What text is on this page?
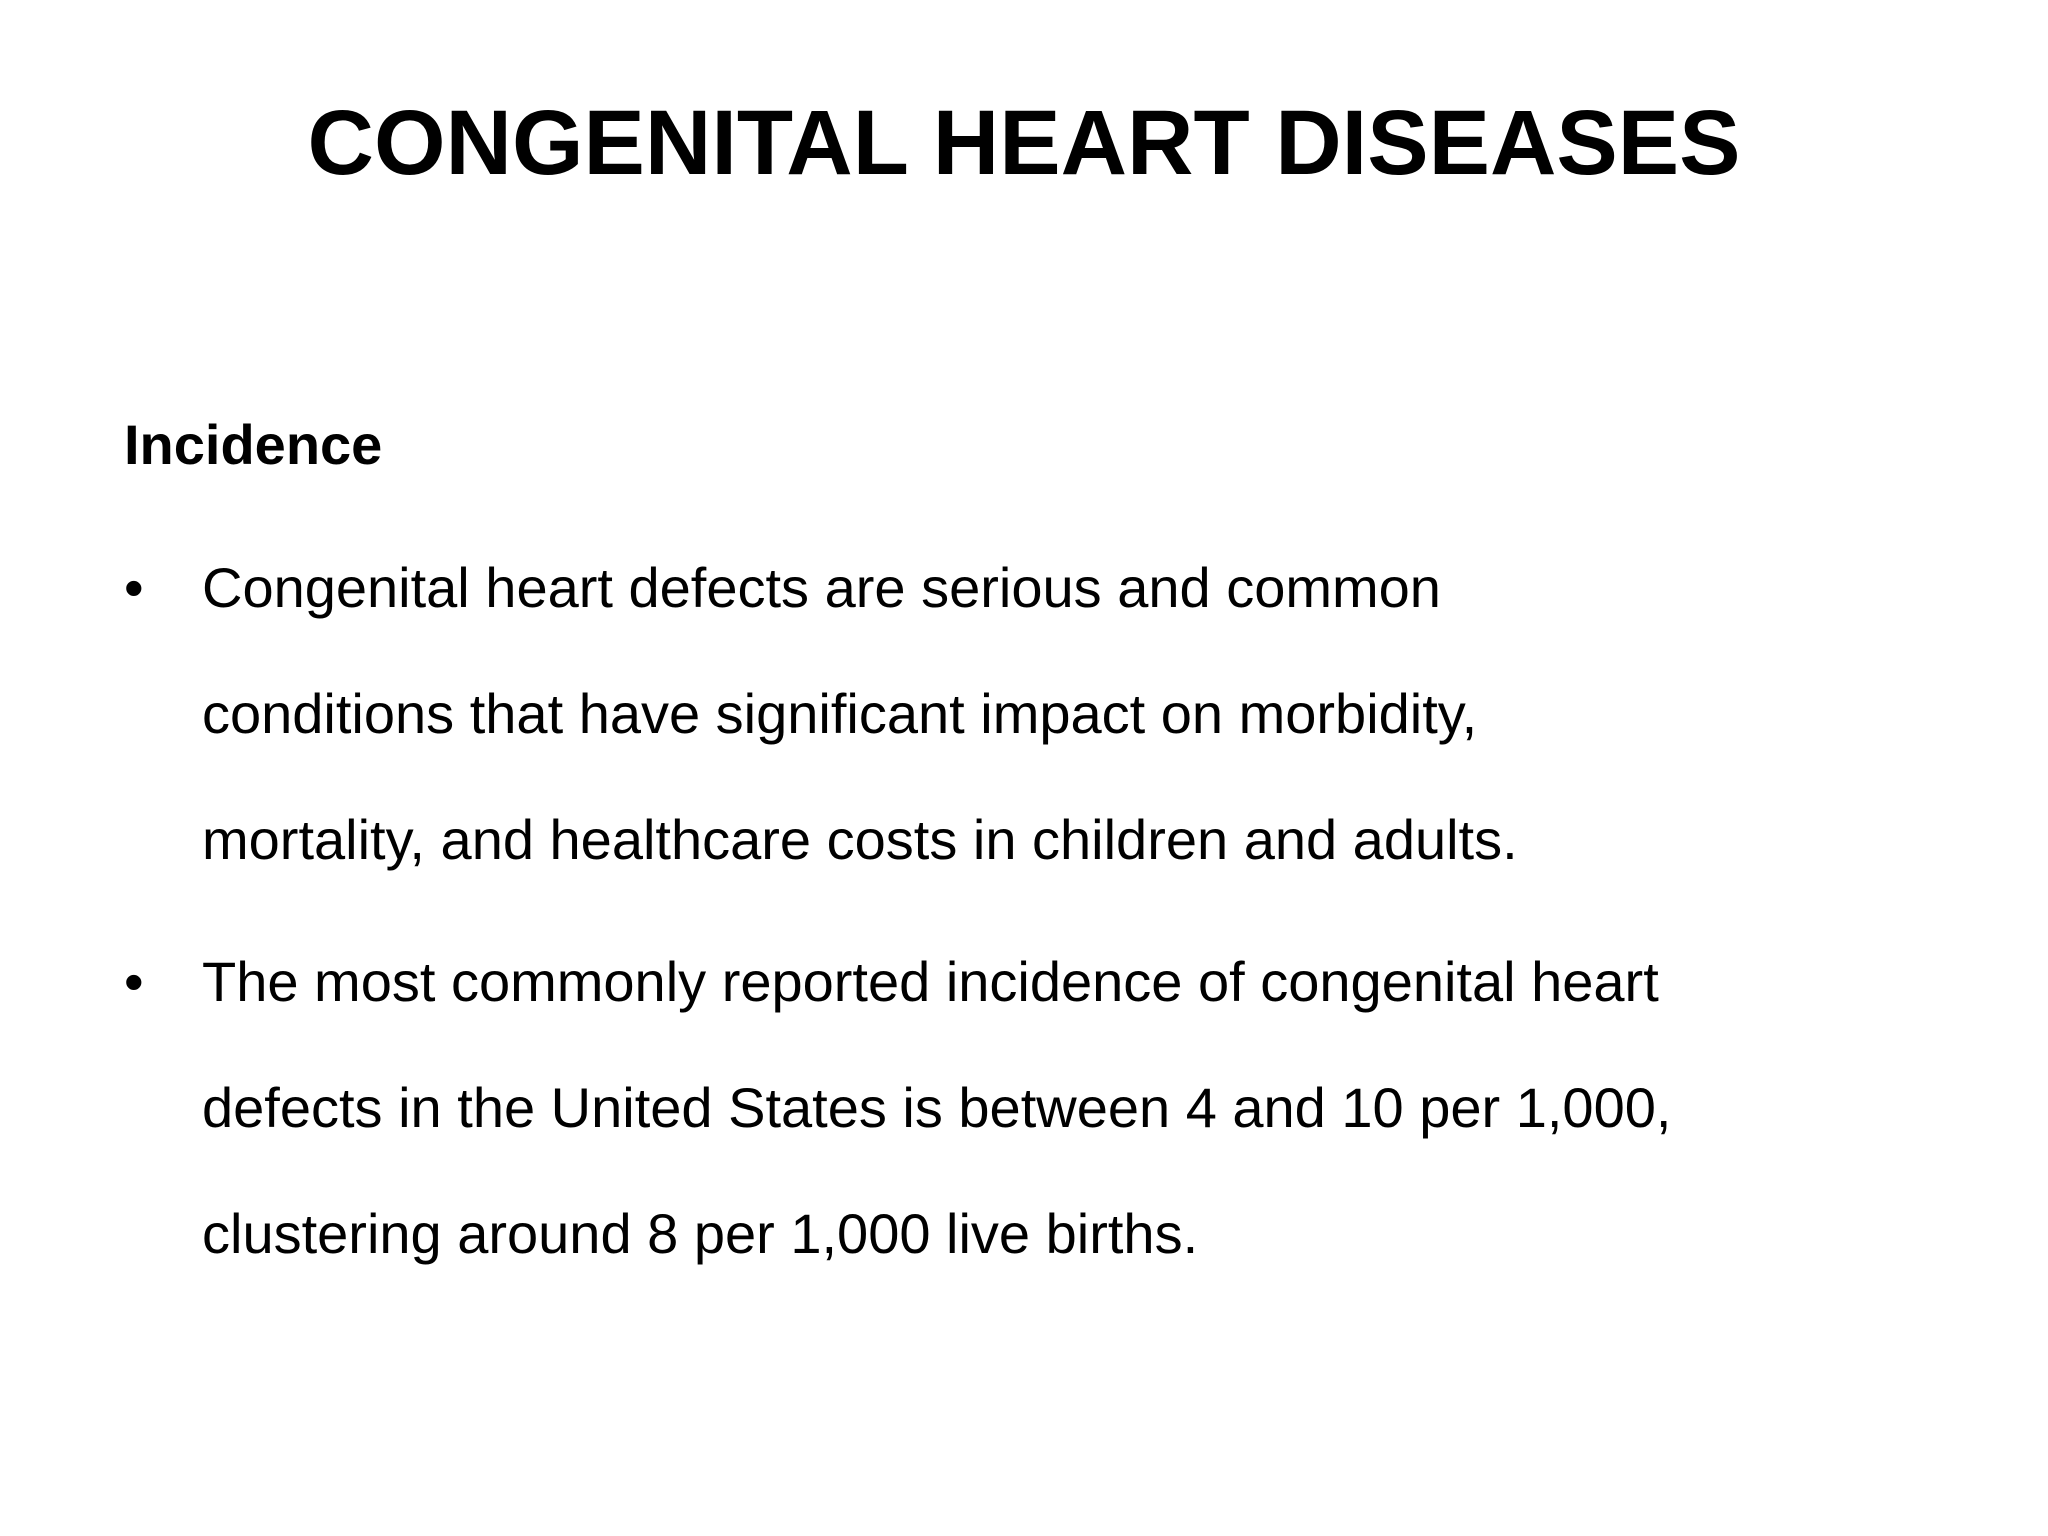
CONGENITAL HEART DISEASES
Incidence
•	Congenital heart defects are serious and common
conditions that have significant impact on morbidity,
mortality, and healthcare costs in children and adults.
•	The most commonly reported incidence of congenital heart
defects in the United States is between 4 and 10 per 1,000,
clustering around 8 per 1,000 live births.
